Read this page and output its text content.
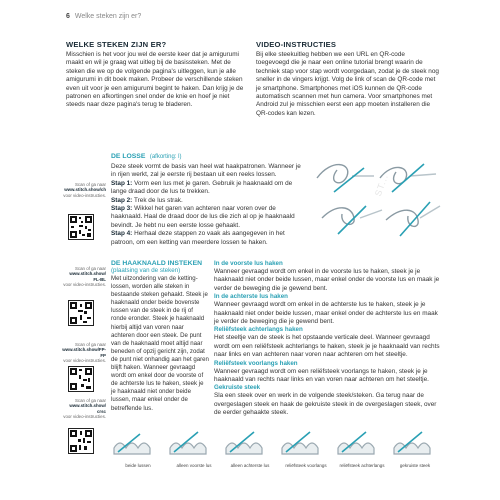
6 Welke steken zijn er?
WELKE STEKEN ZIJN ER?

Misschien is het voor jou wel de eerste keer dat je amigurumi maakt en wil je graag wat uitleg bij de basissteken. Met de steken die we op de volgende pagina's uitleggen, kun je alle amigurumi in dit boek maken. Probeer de verschillende steken even uit voor je een amigurumi begint te haken. Dan krijg je de patronen en afkortingen snel onder de knie en hoef je niet steeds naar deze pagina's terug te bladeren.

VIDEO-INSTRUCTIES

Bij elke steekuitleg hebben we een URL en QR-code toegevoegd die je naar een online tutorial brengt waarin de techniek stap voor stap wordt voorgedaan, zodat je de steek nog sneller in de vingers krijgt. Volg de link of scan de QR-code met je smartphone. Smartphones met iOS kunnen de QR-code automatisch scannen met hun camera. Voor smartphones met Android zul je misschien eerst een app moeten installeren die QR-codes kan lezen.

ST...
Scan of ga naar
www.stitch.show/ch
voor video-instructies.
DE LOSSE (afkorting: l)

Deze steek vormt de basis van heel wat haakpatronen. Wanneer je in rijen werkt, zal je eerste rij bestaan uit een reeks lossen.

Stap 1: Vorm een lus met je garen. Gebruik je haaknaald om de lange draad door de lus te trekken.

Stap 2: Trek de lus strak.

Stap 3: Wikkel het garen van achteren naar voren over de haaknaald. Haal de draad door de lus die zich al op je haaknaald bevindt. Je hebt nu een eerste losse gehaakt.

Stap 4: Herhaal deze stappen zo vaak als aangegeven in het patroon, om een ketting van meerdere lossen te haken.

Scan of ga naar
www.stitch.show/
FL-BL
voor video-instructies.
Scan of ga naar
www.stitch.show/FP-FP
voor video-instructies.
Scan of ga naar
www.stitch.show/
crsc
voor video-instructies.
DE HAAKNAALD INSTEKEN
(plaatsing van de steken)

Met uitzondering van de ketting-lossen, worden alle steken in bestaande steken gehaakt. Steek je haaknaald onder beide bovenste lussen van de steek in de rij of ronde eronder. Steek je haaknaald hierbij altijd van voren naar achteren door een steek. De punt van de haaknaald moet altijd naar beneden of opzij gericht zijn, zodat de punt niet onhandig aan het garen blijft haken. Wanneer gevraagd wordt om enkel door de voorste of de achterste lus te haken, steek je je haaknaald niet onder beide lussen, maar enkel onder de betreffende lus.

In de voorste lus haken

Wanneer gevraagd wordt om enkel in de voorste lus te haken, steek je je haaknaald niet onder beide lussen, maar enkel onder de voorste lus en maak je verder de beweging die je gewend bent.

In de achterste lus haken

Wanneer gevraagd wordt om enkel in de achterste lus te haken, steek je je haaknaald niet onder beide lussen, maar enkel onder de achterste lus en maak je verder de beweging die je gewend bent.

Reliëfsteek achterlangs haken

Het steeltje van de steek is het opstaande verticale deel. Wanneer gevraagd wordt om een reliëfsteek achterlangs te haken, steek je je haaknaald van rechts naar links en van achteren naar voren naar achteren om het steeltje.

Reliëfsteek voorlangs haken

Wanneer gevraagd wordt om een reliëfsteek voorlangs te haken, steek je je haaknaald van rechts naar links en van voren naar achteren om het steeltje.

Gekruiste steek

Sla een steek over en werk in de volgende steek/steken. Ga terug naar de overgeslagen steek en haak de gekruiste steek in de overgeslagen steek, over de eerder gehaakte steek.

beide lussen	alleen voorste lus	alleen achterste lus	reliëfsteek voorlangs	reliëfsteek achterlangs	gekruiste steek
